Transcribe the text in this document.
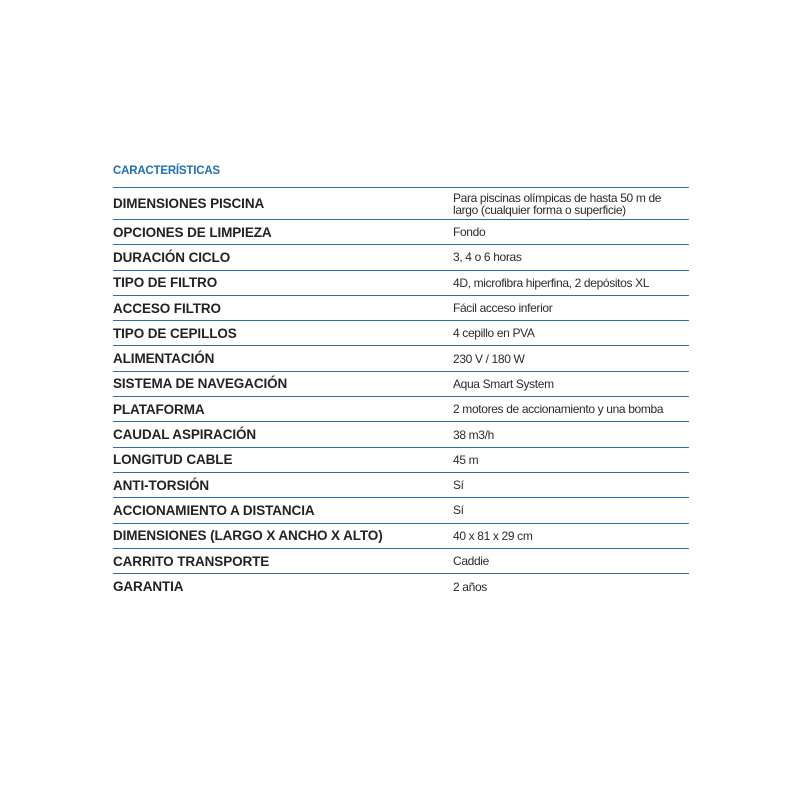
CARACTERÍSTICAS
DIMENSIONES PISCINA	Para piscinas olímpicas de hasta 50 m de largo (cualquier forma o superficie)
OPCIONES DE LIMPIEZA	Fondo
DURACIÓN CICLO	3, 4 o 6 horas
TIPO DE FILTRO	4D, microfibra hiperfina, 2 depósitos XL
ACCESO FILTRO	Fácil acceso inferior
TIPO DE CEPILLOS	4 cepillo en PVA
ALIMENTACIÓN	230 V / 180 W
SISTEMA DE NAVEGACIÓN	Aqua Smart System
PLATAFORMA	2 motores de accionamiento y una bomba
CAUDAL ASPIRACIÓN	38 m3/h
LONGITUD CABLE	45 m
ANTI-TORSIÓN	Sí
ACCIONAMIENTO A DISTANCIA	Sí
DIMENSIONES (LARGO X ANCHO X ALTO)	40 x 81 x 29 cm
CARRITO TRANSPORTE	Caddie
GARANTIA	2 años
